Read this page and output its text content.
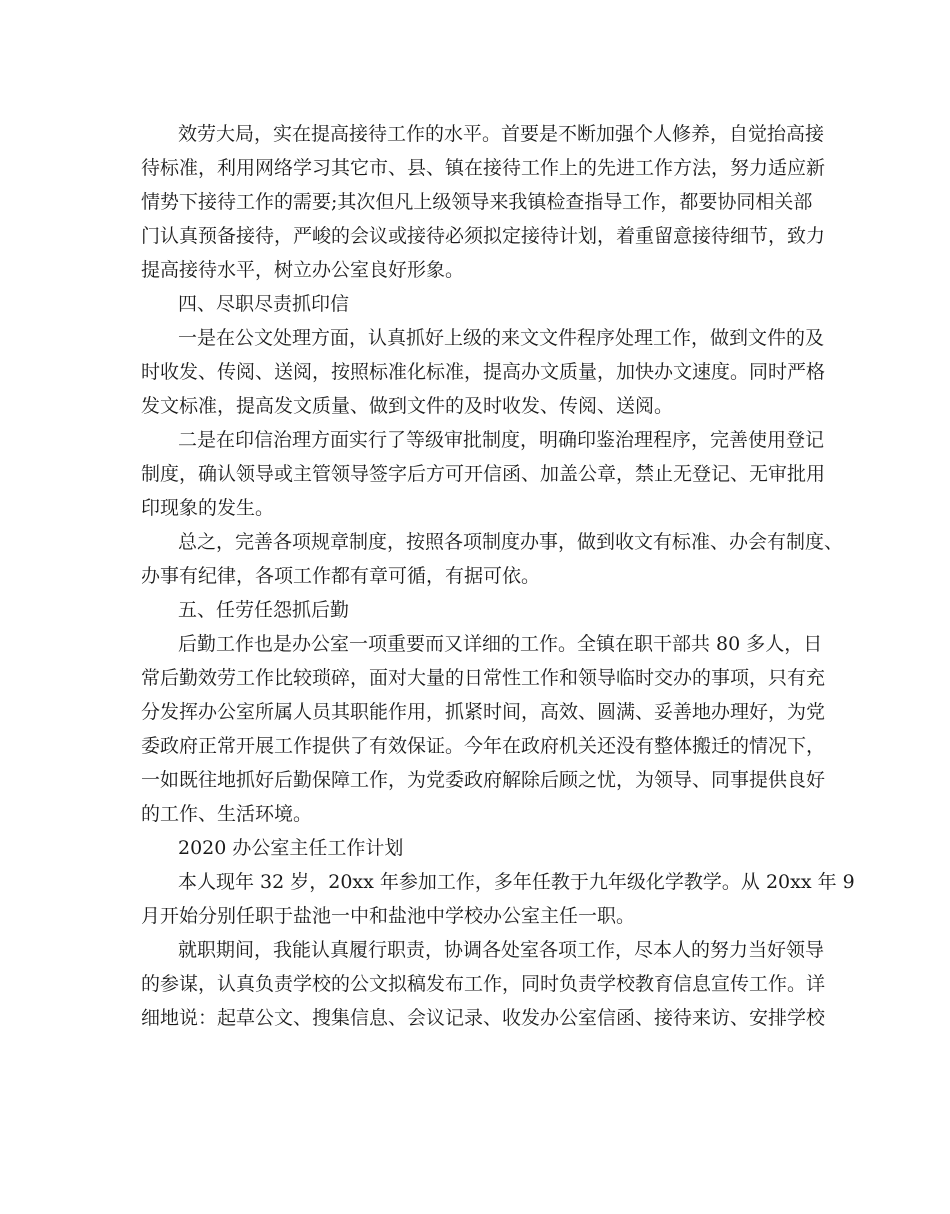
效劳大局，实在提高接待工作的水平。首要是不断加强个人修养，自觉抬高接
待标准，利用网络学习其它市、县、镇在接待工作上的先进工作方法，努力适应新
情势下接待工作的需要;其次但凡上级领导来我镇检查指导工作，都要协同相关部
门认真预备接待，严峻的会议或接待必须拟定接待计划，着重留意接待细节，致力
提高接待水平，树立办公室良好形象。
四、尽职尽责抓印信
一是在公文处理方面，认真抓好上级的来文文件程序处理工作，做到文件的及
时收发、传阅、送阅，按照标准化标准，提高办文质量，加快办文速度。同时严格
发文标准，提高发文质量、做到文件的及时收发、传阅、送阅。
二是在印信治理方面实行了等级审批制度，明确印鉴治理程序，完善使用登记
制度，确认领导或主管领导签字后方可开信函、加盖公章，禁止无登记、无审批用
印现象的发生。
总之，完善各项规章制度，按照各项制度办事，做到收文有标准、办会有制度、
办事有纪律，各项工作都有章可循，有据可依。
五、任劳任怨抓后勤
后勤工作也是办公室一项重要而又详细的工作。全镇在职干部共 80 多人，日
常后勤效劳工作比较琐碎，面对大量的日常性工作和领导临时交办的事项，只有充
分发挥办公室所属人员其职能作用，抓紧时间，高效、圆满、妥善地办理好，为党
委政府正常开展工作提供了有效保证。今年在政府机关还没有整体搬迁的情况下，
一如既往地抓好后勤保障工作，为党委政府解除后顾之忧，为领导、同事提供良好
的工作、生活环境。
2020 办公室主任工作计划
本人现年 32 岁，20xx 年参加工作，多年任教于九年级化学教学。从 20xx 年 9
月开始分别任职于盐池一中和盐池中学校办公室主任一职。
就职期间，我能认真履行职责，协调各处室各项工作，尽本人的努力当好领导
的参谋，认真负责学校的公文拟稿发布工作，同时负责学校教育信息宣传工作。详
细地说：起草公文、搜集信息、会议记录、收发办公室信函、接待来访、安排学校
